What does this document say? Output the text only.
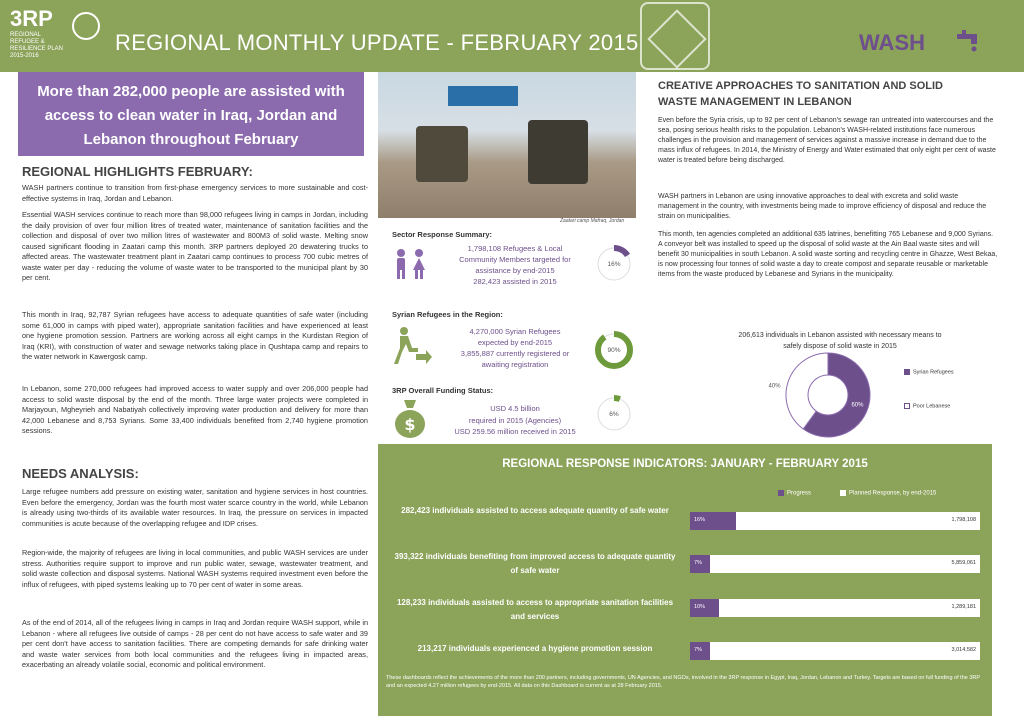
3RP
REGIONAL REFUGEE & RESILIENCE PLAN 2015-2016
REGIONAL MONTHLY UPDATE - FEBRUARY 2015	WASH
More than 282,000 people are assisted with access to clean water in Iraq, Jordan and Lebanon throughout February
REGIONAL HIGHLIGHTS FEBRUARY:
WASH partners continue to transition from first-phase emergency services to more sustainable and cost-effective systems in Iraq, Jordan and Lebanon.
Essential WASH services continue to reach more than 98,000 refugees living in camps in Jordan, including the daily provision of over four million litres of treated water, maintenance of sanitation facilities and the collection and disposal of over two million litres of wastewater and 800M3 of solid waste. Melting snow caused significant flooding in Zaatari camp this month. 3RP partners deployed 20 dewatering trucks to affected areas. The wastewater treatment plant in Zaatari camp continues to process 700 cubic metres of waste water per day - reducing the volume of waste water to be transported to the municipal plant by 30 per cent.
This month in Iraq, 92,787 Syrian refugees have access to adequate quantities of safe water (including some 61,000 in camps with piped water), appropriate sanitation facilities and have experienced at least one hygiene promotion session. Partners are working across all eight camps in the Kurdistan Region of Iraq (KRI), with construction of water and sewage networks taking place in Qushtapa camp and repairs to the water network in Kawergosk camp.
In Lebanon, some 270,000 refugees had improved access to water supply and over 206,000 people had access to solid waste disposal by the end of the month. Three large water projects were completed in Marjayoun, Mgheyrieh and Nabatiyah collectively improving water production and delivery for more than 42,000 Lebanese and 8,753 Syrians. Some 33,400 individuals benefited from 2,740 hygiene promotion sessions.
NEEDS ANALYSIS:
Large refugee numbers add pressure on existing water, sanitation and hygiene services in host countries. Even before the emergency, Jordan was the fourth most water scarce country in the world, while Lebanon is already using two-thirds of its available water resources. In Iraq, the pressure on services in impacted communities is acute because of the overlapping refugee and IDP crises.
Region-wide, the majority of refugees are living in local communities, and public WASH services are under stress. Authorities require support to improve and run public water, sewage, wastewater treatment, and solid waste collection and disposal systems. National WASH systems required investment even before the influx of refugees, with piped systems leaking up to 70 per cent of water in some areas.
As of the end of 2014, all of the refugees living in camps in Iraq and Jordan require WASH support, while in Lebanon - where all refugees live outside of camps - 28 per cent do not have access to safe water and 39 per cent don't have access to sanitation facilities. There are competing demands for safe drinking water and waste water services from both local communities and the refugees living in impacted areas, exacerbating an already volatile social, economic and political environment.
Zaatari camp Mafraq, Jordan
Sector Response Summary:
1,798,108 Refugees & Local
Community Members targeted for
assistance by end-2015
282,423 assisted in 2015
16%
Syrian Refugees in the Region:
4,270,000 Syrian Refugees
expected by end-2015
3,855,887 currently registered or
awaiting registration
90%
3RP Overall Funding Status:
$
USD 4.5 billion
required in 2015 (Agencies)
USD 259.56 million received in 2015
6%
CREATIVE APPROACHES TO SANITATION AND SOLID
WASTE MANAGEMENT IN LEBANON
Even before the Syria crisis, up to 92 per cent of Lebanon's sewage ran untreated into watercourses and the sea, posing serious health risks to the population. Lebanon's WASH-related institutions face numerous challenges in the provision and management of services against a massive increase in demand due to the mass influx of refugees. In 2014, the Ministry of Energy and Water estimated that only eight per cent of waste water is treated before being discharged.
WASH partners in Lebanon are using innovative approaches to deal with excreta and solid waste management in the country, with investments being made to improve efficiency of disposal and reduce the strain on municipalities.
This month, ten agencies completed an additional 635 latrines, benefitting 765 Lebanese and 9,000 Syrians. A conveyor belt was installed to speed up the disposal of solid waste at the Ain Baal waste sites and will benefit 30 municipalities in south Lebanon. A solid waste sorting and recycling centre in Ghazze, West Bekaa, is now processing four tonnes of solid waste a day to create compost and separate reusable or marketable items from the waste produced by Lebanese and Syrians in the municipality.
206,613 individuals in Lebanon assisted with necessary means to
safely dispose of solid waste in 2015
60%
40%
Syrian Refugees
Poor Lebanese
REGIONAL RESPONSE INDICATORS: JANUARY - FEBRUARY 2015
Progress	Planned Response, by end-2015
282,423 individuals assisted to access adequate quantity of safe water
16%	1,798,108
393,322 individuals benefiting from improved access to adequate quantity of safe water
7%	5,859,061
128,233 individuals assisted to access to appropriate sanitation facilities and services
10%	1,289,181
213,217 individuals experienced a hygiene promotion session	7%	3,014,582
These dashboards reflect the achievements of the more than 200 partners, including governments, UN Agencies, and NGOs, involved in the 3RP response in Egypt, Iraq, Jordan, Lebanon and Turkey. Targets are based on full funding of the 3RP and an expected 4.27 million refugees by end-2015. All data on this Dashboard is current as at 28 February 2015.
